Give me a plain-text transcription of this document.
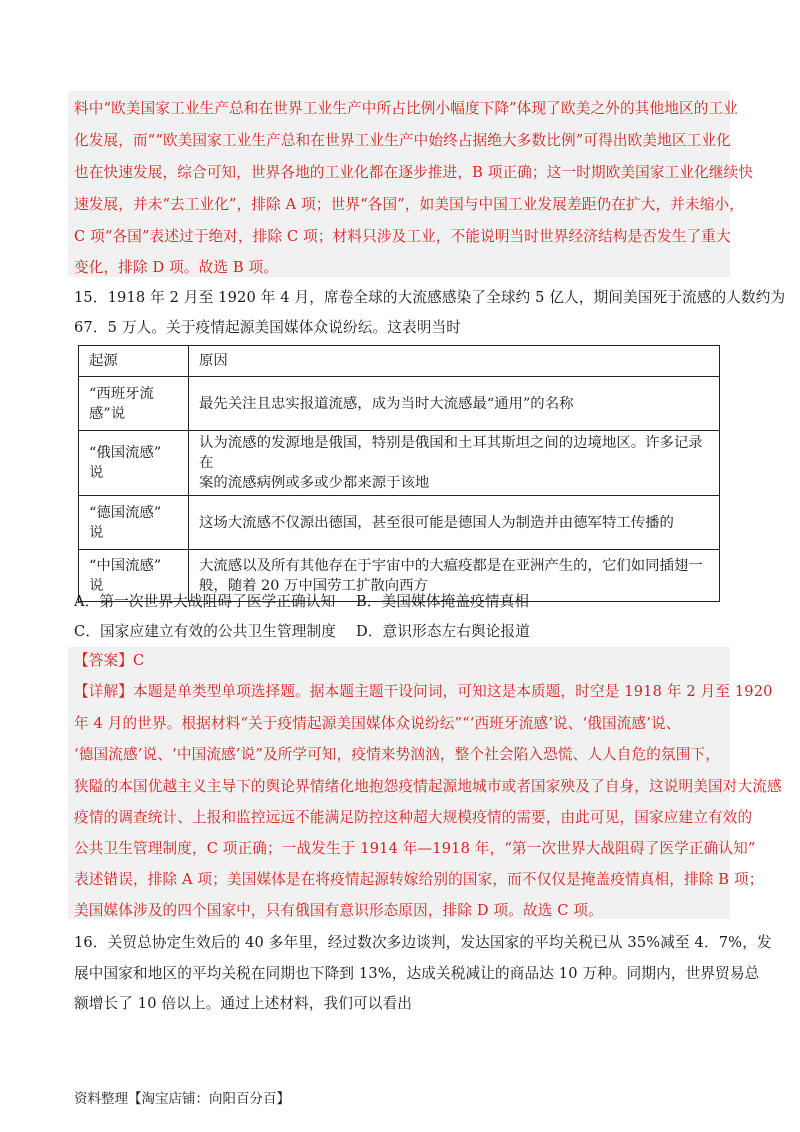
料中“欧美国家工业生产总和在世界工业生产中所占比例小幅度下降”体现了欧美之外的其他地区的工业
化发展，而““欧美国家工业生产总和在世界工业生产中始终占据绝大多数比例”可得出欧美地区工业化
也在快速发展，综合可知，世界各地的工业化都在逐步推进，B 项正确；这一时期欧美国家工业化继续快
速发展，并未“去工业化”，排除 A 项；世界“各国”，如美国与中国工业发展差距仍在扩大，并未缩小，
C 项“各国”表述过于绝对，排除 C 项；材料只涉及工业，不能说明当时世界经济结构是否发生了重大
变化，排除 D 项。故选 B 项。
15．1918 年 2 月至 1920 年 4 月，席卷全球的大流感感染了全球约 5 亿人，期间美国死于流感的人数约为
67．5 万人。关于疫情起源美国媒体众说纷纭。这表明当时
起源	原因

“西班牙流
感”说	最先关注且忠实报道流感，成为当时大流感最“通用”的名称

“俄国流感”
说	认为流感的发源地是俄国，特别是俄国和土耳其斯坦之间的边境地区。许多记录在
案的流感病例或多或少都来源于该地

“德国流感”
说	这场大流感不仅源出德国，甚至很可能是德国人为制造并由德军特工传播的

“中国流感”
说	大流感以及所有其他存在于宇宙中的大瘟疫都是在亚洲产生的，它们如同插翅一
般，随着 20 万中国劳工扩散向西方
A．第一次世界大战阻碍了医学正确认知 B．美国媒体掩盖疫情真相
C．国家应建立有效的公共卫生管理制度 D．意识形态左右舆论报道
【答案】C
【详解】本题是单类型单项选择题。据本题主题干设问词，可知这是本质题，时空是 1918 年 2 月至 1920
年 4 月的世界。根据材料“关于疫情起源美国媒体众说纷纭”“‘西班牙流感’说、‘俄国流感’说、
‘德国流感’说、‘中国流感’说”及所学可知，疫情来势汹汹，整个社会陷入恐慌、人人自危的氛围下，
狭隘的本国优越主义主导下的舆论界情绪化地抱怨疫情起源地城市或者国家殃及了自身，这说明美国对大流感
疫情的调查统计、上报和监控远远不能满足防控这种超大规模疫情的需要，由此可见，国家应建立有效的
公共卫生管理制度，C 项正确；一战发生于 1914 年—1918 年，“第一次世界大战阻碍了医学正确认知”
表述错误，排除 A 项；美国媒体是在将疫情起源转嫁给别的国家，而不仅仅是掩盖疫情真相，排除 B 项；
美国媒体涉及的四个国家中，只有俄国有意识形态原因，排除 D 项。故选 C 项。
16．关贸总协定生效后的 40 多年里，经过数次多边谈判，发达国家的平均关税已从 35%减至 4．7%，发
展中国家和地区的平均关税在同期也下降到 13%，达成关税减让的商品达 10 万种。同期内，世界贸易总
额增长了 10 倍以上。通过上述材料，我们可以看出
资料整理【淘宝店铺：向阳百分百】
